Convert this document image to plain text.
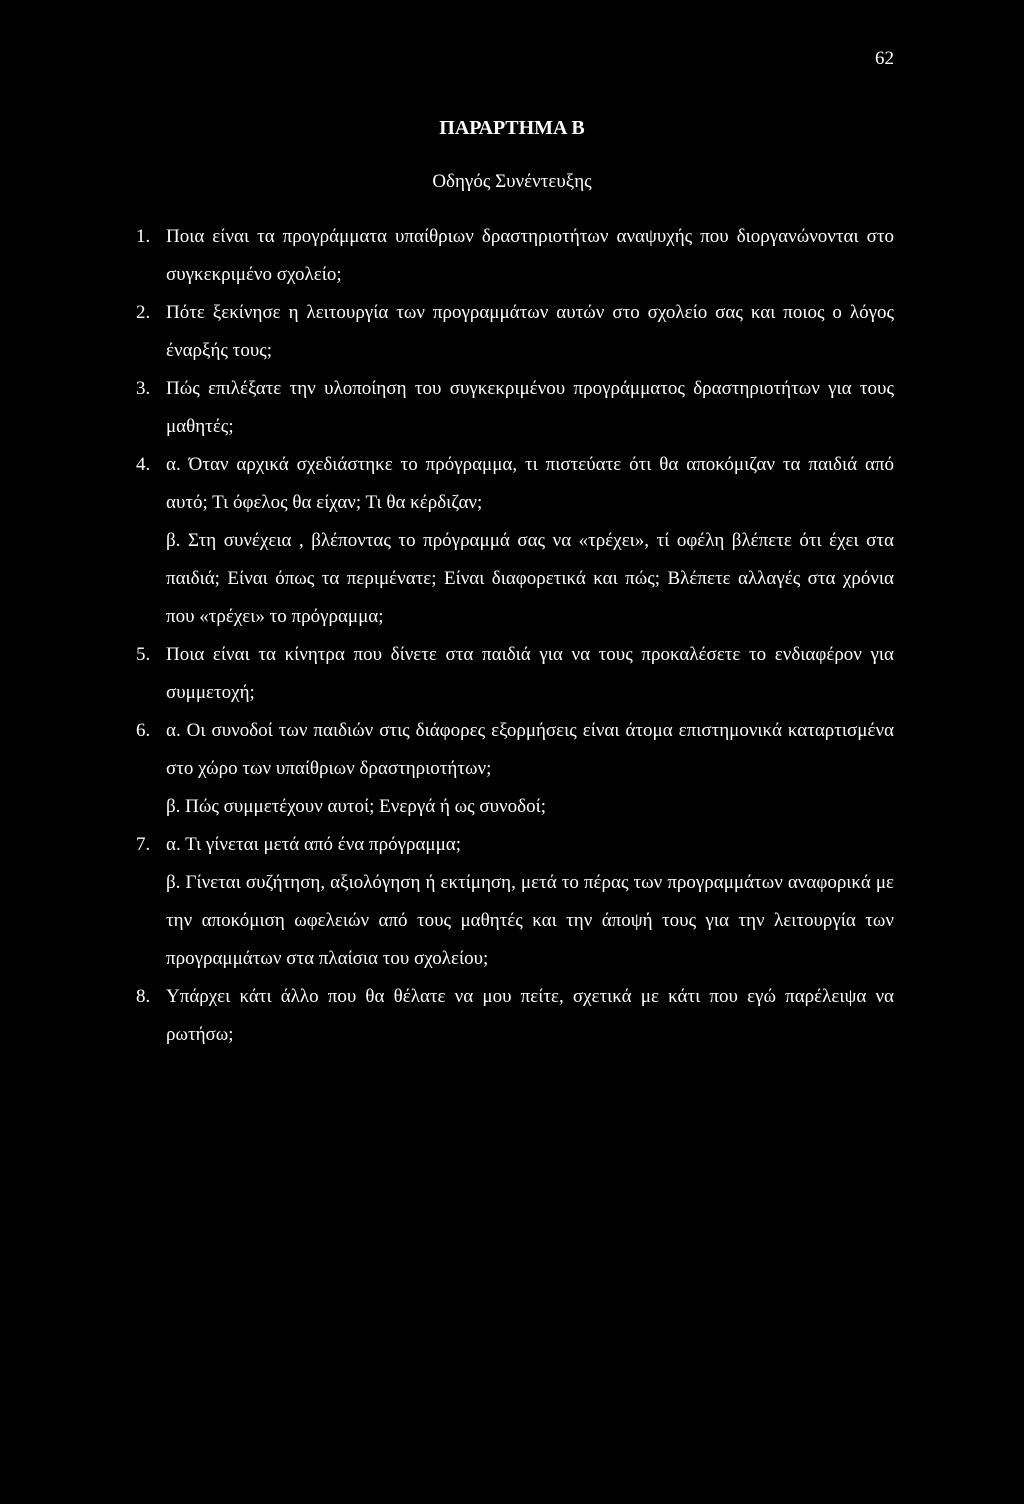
62
ΠΑΡΑΡΤΗΜΑ Β
Οδηγός Συνέντευξης
1. Ποια είναι τα προγράμματα υπαίθριων δραστηριοτήτων αναψυχής που διοργανώνονται στο συγκεκριμένο σχολείο;
2. Πότε ξεκίνησε η λειτουργία των προγραμμάτων αυτών στο σχολείο σας και ποιος ο λόγος έναρξής τους;
3. Πώς επιλέξατε την υλοποίηση του συγκεκριμένου προγράμματος δραστηριοτήτων για τους μαθητές;
4. α. Όταν αρχικά σχεδιάστηκε το πρόγραμμα, τι πιστεύατε ότι θα αποκόμιζαν τα παιδιά από αυτό; Τι όφελος θα είχαν; Τι θα κέρδιζαν;
β. Στη συνέχεια , βλέποντας το πρόγραμμά σας να «τρέχει», τί οφέλη βλέπετε ότι έχει στα παιδιά; Είναι όπως τα περιμένατε; Είναι διαφορετικά και πώς; Βλέπετε αλλαγές στα χρόνια που «τρέχει» το πρόγραμμα;
5. Ποια είναι τα κίνητρα που δίνετε στα παιδιά για να τους προκαλέσετε το ενδιαφέρον για συμμετοχή;
6. α. Οι συνοδοί των παιδιών στις διάφορες εξορμήσεις είναι άτομα επιστημονικά καταρτισμένα στο χώρο των υπαίθριων δραστηριοτήτων;
β. Πώς συμμετέχουν αυτοί; Ενεργά ή ως συνοδοί;
7. α. Τι γίνεται μετά από ένα πρόγραμμα;
β. Γίνεται συζήτηση, αξιολόγηση ή εκτίμηση, μετά το πέρας των προγραμμάτων αναφορικά με την αποκόμιση ωφελειών από τους μαθητές και την άποψή τους για την λειτουργία των προγραμμάτων στα πλαίσια του σχολείου;
8. Υπάρχει κάτι άλλο που θα θέλατε να μου πείτε, σχετικά με κάτι που εγώ παρέλειψα να ρωτήσω;
